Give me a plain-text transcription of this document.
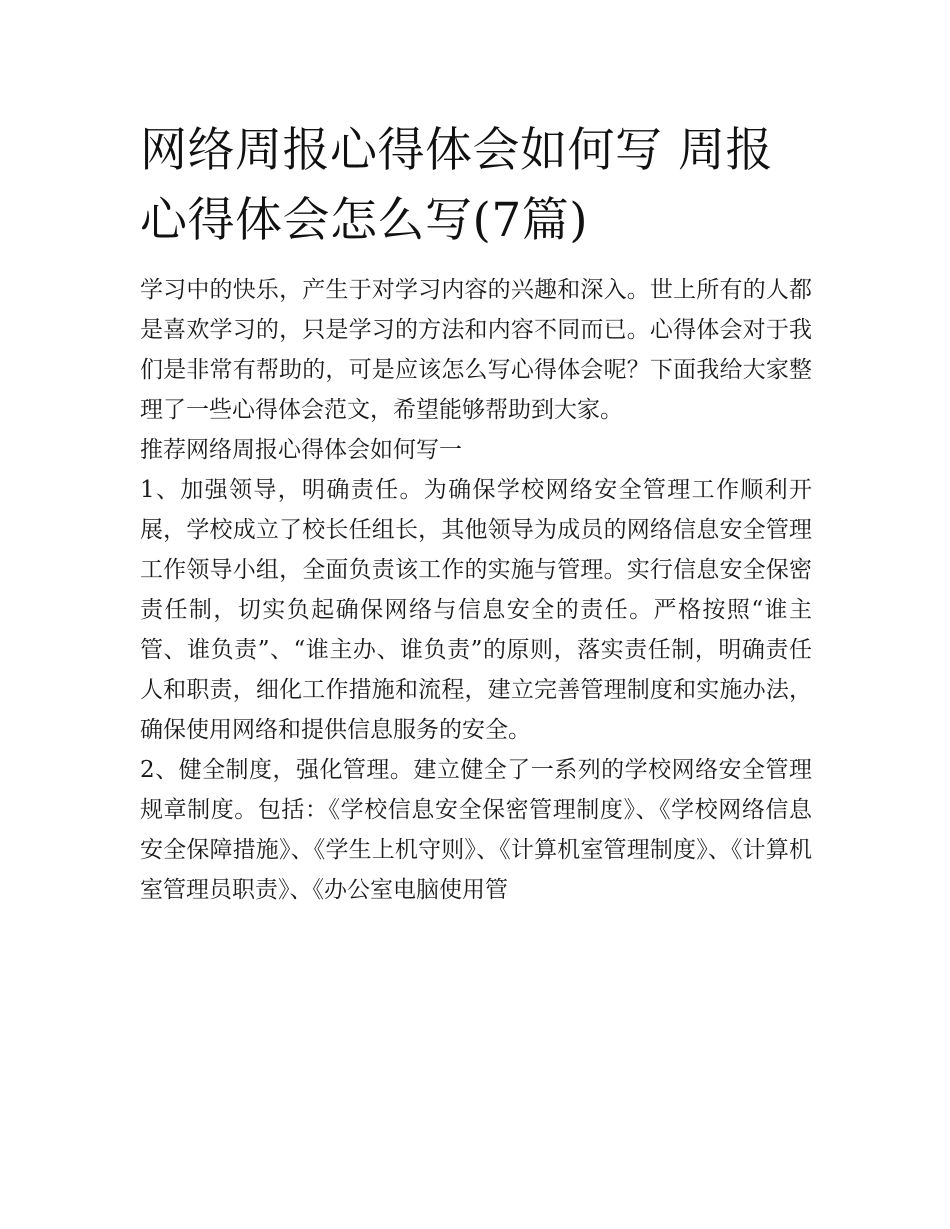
网络周报心得体会如何写 周报心得体会怎么写(7篇)

学习中的快乐，产生于对学习内容的兴趣和深入。世上所有的人都是喜欢学习的，只是学习的方法和内容不同而已。心得体会对于我们是非常有帮助的，可是应该怎么写心得体会呢？下面我给大家整理了一些心得体会范文，希望能够帮助到大家。

推荐网络周报心得体会如何写一

1、加强领导，明确责任。为确保学校网络安全管理工作顺利开展，学校成立了校长任组长，其他领导为成员的网络信息安全管理工作领导小组，全面负责该工作的实施与管理。实行信息安全保密责任制，切实负起确保网络与信息安全的责任。严格按照“谁主管、谁负责”、“谁主办、谁负责”的原则，落实责任制，明确责任人和职责，细化工作措施和流程，建立完善管理制度和实施办法，确保使用网络和提供信息服务的安全。

2、健全制度，强化管理。建立健全了一系列的学校网络安全管理规章制度。包括：《学校信息安全保密管理制度》、《学校网络信息安全保障措施》、《学生上机守则》、《计算机室管理制度》、《计算机室管理员职责》、《办公室电脑使用管
